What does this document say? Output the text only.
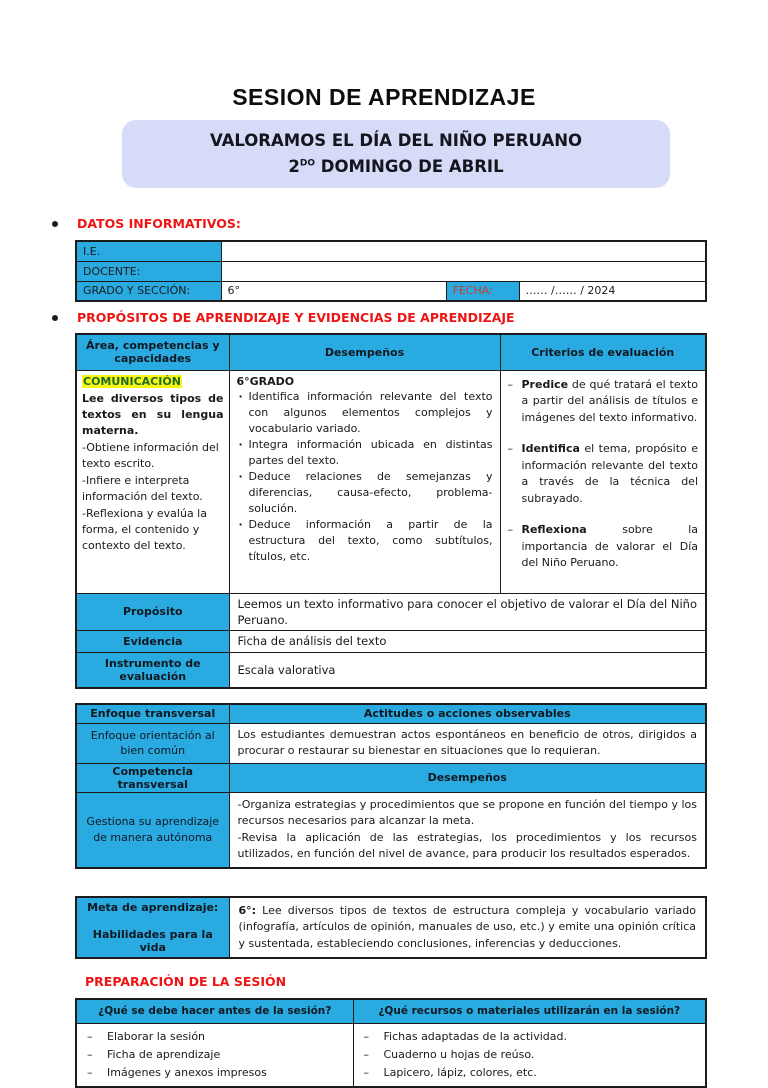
SESION DE APRENDIZAJE
VALORAMOS EL DÍA DEL NIÑO PERUANO
$2^{DO}$ DOMINGO DE ABRIL
DATOS INFORMATIVOS:
I.E.			
DOCENTE:			
GRADO Y SECCIÓN:	6°	FECHA:	…… /…… / 2024
PROPÓSITOS DE APRENDIZAJE Y EVIDENCIAS DE APRENDIZAJE
Área, competencias y capacidades	Desempeños	Criterios de evaluación
COMUNICACIÓN
Lee diversos tipos de textos en su lengua materna.
-Obtiene información del texto escrito.
-Infiere e interpreta información del texto.
-Reflexiona y evalúa la forma, el contenido y contexto del texto.

6°GRADO
· Identifica información relevante del texto con algunos elementos complejos y vocabulario variado.
· Integra información ubicada en distintas partes del texto.
· Deduce relaciones de semejanzas y diferencias, causa-efecto, problema-solución.
· Deduce información a partir de la estructura del texto, como subtítulos, títulos, etc.

– Predice de qué tratará el texto a partir del análisis de títulos e imágenes del texto informativo.
– Identifica el tema, propósito e información relevante del texto a través de la técnica del subrayado.
– Reflexiona sobre la importancia de valorar el Día del Niño Peruano.

Propósito	Leemos un texto informativo para conocer el objetivo de valorar el Día del Niño Peruano.	
Evidencia	Ficha de análisis del texto	
Instrumento de evaluación	Escala valorativa	
Enfoque transversal	Actitudes o acciones observables
Enfoque orientación al bien común	Los estudiantes demuestran actos espontáneos en beneficio de otros, dirigidos a procurar o restaurar su bienestar en situaciones que lo requieran.
Competencia transversal	Desempeños
Gestiona su aprendizaje de manera autónoma	-Organiza estrategias y procedimientos que se propone en función del tiempo y los recursos necesarios para alcanzar la meta.
-Revisa la aplicación de las estrategias, los procedimientos y los recursos utilizados, en función del nivel de avance, para producir los resultados esperados.
Meta de aprendizaje:
Habilidades para la vida
	6°: Lee diversos tipos de textos de estructura compleja y vocabulario variado (infografía, artículos de opinión, manuales de uso, etc.) y emite una opinión crítica y sustentada, estableciendo conclusiones, inferencias y deducciones.
PREPARACIÓN DE LA SESIÓN
¿Qué se debe hacer antes de la sesión?	¿Qué recursos o materiales utilizarán en la sesión?

– Elaborar la sesión
– Ficha de aprendizaje
– Imágenes y anexos impresos

– Fichas adaptadas de la actividad.
– Cuaderno u hojas de reúso.
– Lapicero, lápiz, colores, etc.
